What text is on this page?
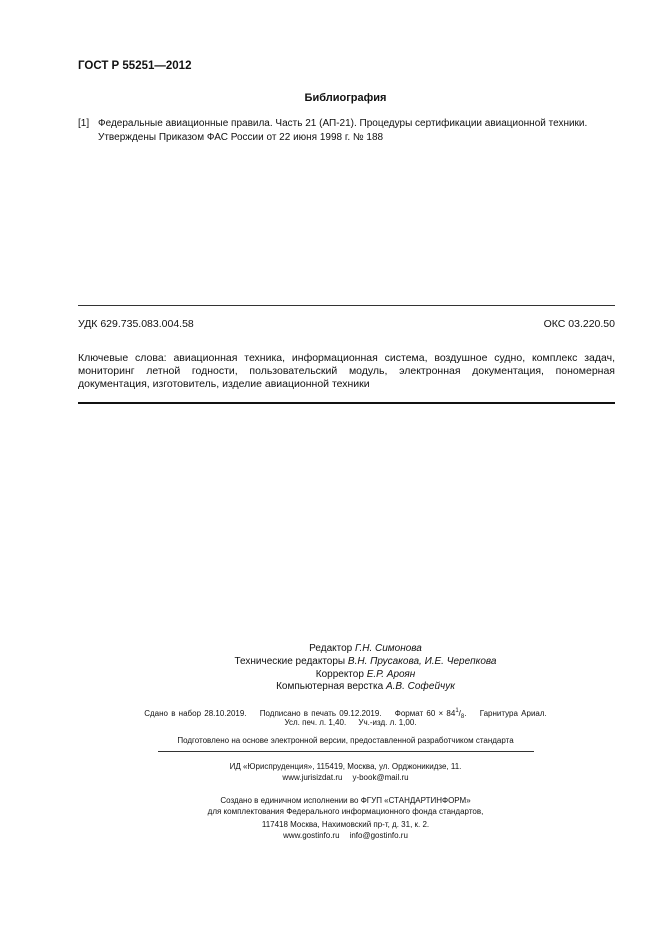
ГОСТ Р 55251—2012
Библиография
[1] Федеральные авиационные правила. Часть 21 (АП-21). Процедуры сертификации авиационной техники. Утверждены Приказом ФАС России от 22 июня 1998 г. № 188
УДК 629.735.083.004.58	ОКС 03.220.50
Ключевые слова: авиационная техника, информационная система, воздушное судно, комплекс задач, мониторинг летной годности, пользовательский модуль, электронная документация, пономерная документация, изготовитель, изделие авиационной техники
Редактор Г.Н. Симонова
Технические редакторы В.Н. Прусакова, И.Е. Черепкова
Корректор Е.Р. Ароян
Компьютерная верстка А.В. Софейчук
Сдано в набор 28.10.2019. Подписано в печать 09.12.2019. Формат $60 \times 84^1/_8$. Гарнитура Ариал.
Усл. печ. л. 1,40. Уч.-изд. л. 1,00.
Подготовлено на основе электронной версии, предоставленной разработчиком стандарта
ИД «Юриспруденция», 115419, Москва, ул. Орджоникидзе, 11.
www.jurisizdat.ru y-book@mail.ru
Создано в единичном исполнении во ФГУП «СТАНДАРТИНФОРМ»
для комплектования Федерального информационного фонда стандартов,
117418 Москва, Нахимовский пр-т, д. 31, к. 2.
www.gostinfo.ru info@gostinfo.ru
